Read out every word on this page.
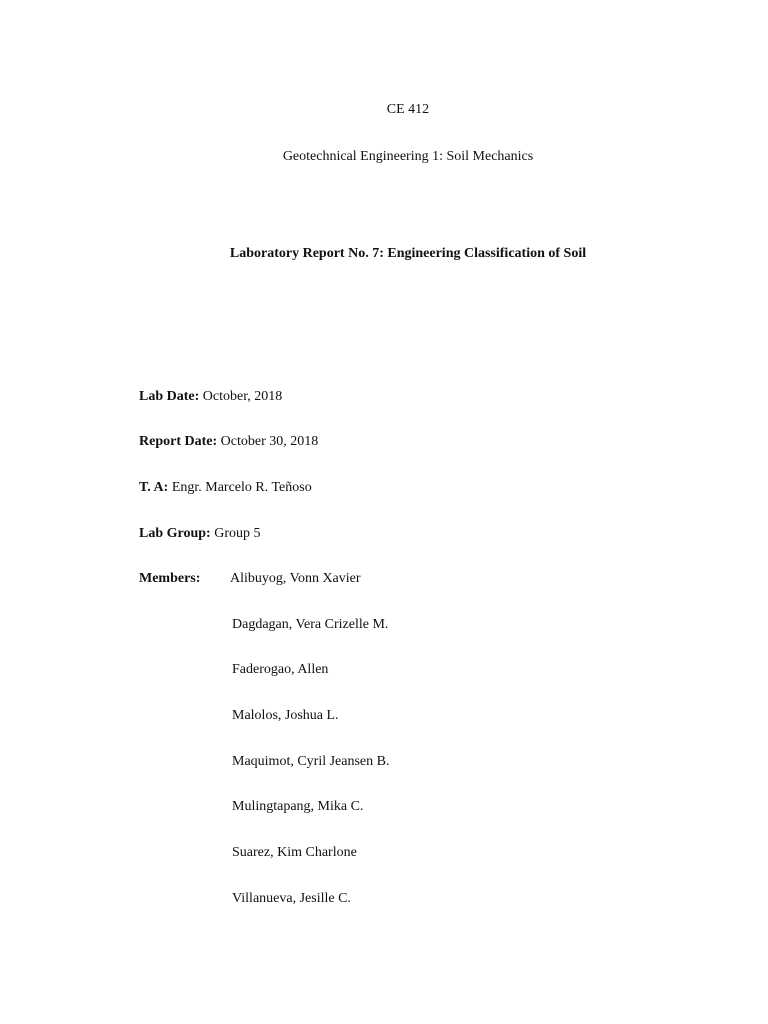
CE 412
Geotechnical Engineering 1: Soil Mechanics
Laboratory Report No. 7: Engineering Classification of Soil
Lab Date: October, 2018
Report Date: October 30, 2018
T. A: Engr. Marcelo R. Teñoso
Lab Group: Group 5
Members: Alibuyog, Vonn Xavier
Dagdagan, Vera Crizelle M.
Faderogao, Allen
Malolos, Joshua L.
Maquimot, Cyril Jeansen B.
Mulingtapang, Mika C.
Suarez, Kim Charlone
Villanueva, Jesille C.
